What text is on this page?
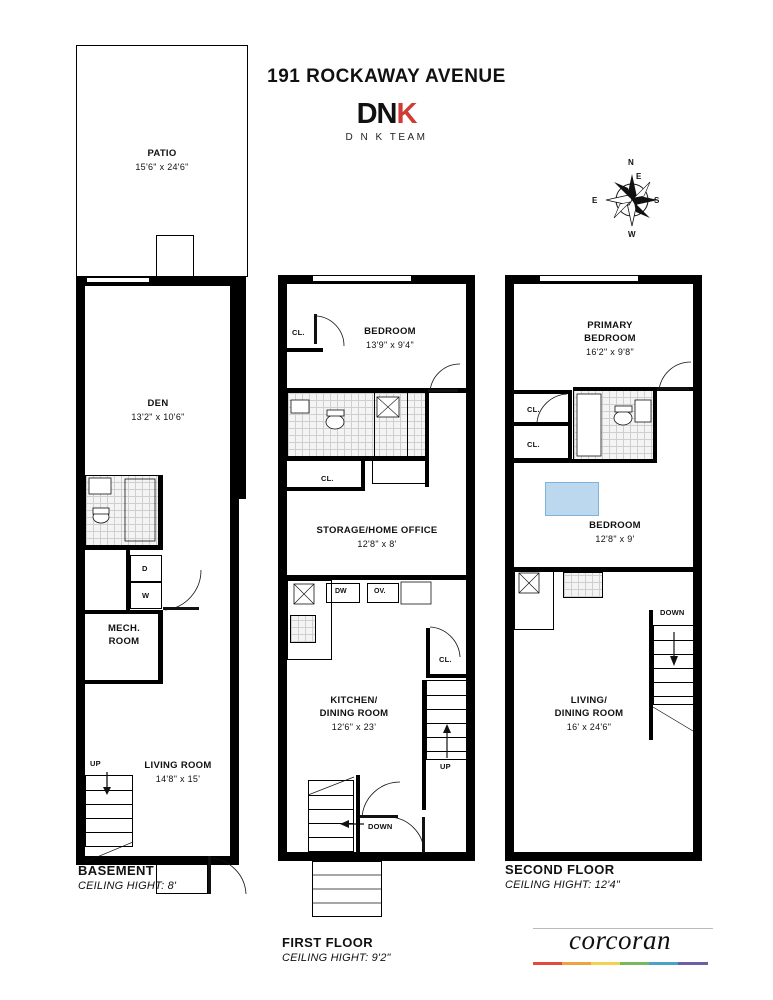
191 ROCKAWAY AVENUE
DNK
D N K TEAM
N
S
W
E
E
PATIO
15'6" x 24'6"
DEN
13'2" x 10'6"
D
W
MECH.
ROOM
LIVING ROOM
14'8" x 15'
UP
BASEMENT
CEILING HIGHT: 8'
BEDROOM
13'9" x 9'4"
CL.
CL.
STORAGE/HOME OFFICE
12'8" x 8'
DW	OV.
KITCHEN/
DINING ROOM
12'6" x 23'
CL.
UP
DOWN
FIRST FLOOR
CEILING HIGHT: 9'2"
PRIMARY
BEDROOM
16'2" x 9'8"
CL.
CL.
BEDROOM
12'8" x 9'
DOWN
LIVING/
DINING ROOM
16' x 24'6"
SECOND FLOOR
CEILING HIGHT: 12'4"
corcoran
